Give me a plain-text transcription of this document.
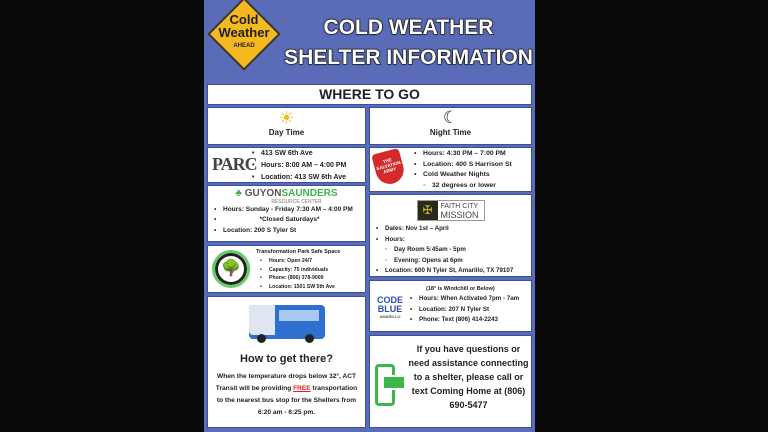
Cold
Weather
AHEAD
COLD WEATHER
SHELTER INFORMATION
WHERE TO GO
☀
Day Time
PARC
• 413 SW 6th Ave
• Hours: 8:00 AM – 4:00 PM
• Location: 413 SW 6th Ave
♣ GUYONSAUNDERS
RESOURCE CENTER
• Hours: Sunday - Friday 7:30 AM – 4:00 PM
• *Closed Saturdays*
• Location: 200 S Tyler St
🌳
Transformation Park Safe Space
• Hours: Open 24/7
• Capacity: 75 individuals
• Phone: (806) 378-9009
• Location: 1501 SW 5th Ave
How to get there?
When the temperature drops below 32°, ACT Transit will be providing FREE transportation to the nearest bus stop for the Shelters from 6:20 am - 6:25 pm.
☾
Night Time
THE SALVATION ARMY
• Hours: 4:30 PM – 7:00 PM
• Location: 400 S Harrison St
• Cold Weather Nights
◦ 32 degrees or lower
✠	FAITH CITY
MISSION
• Dates: Nov 1st – April
• Hours:
◦ Day Room 5:45am - 5pm
◦ Evening: Opens at 6pm
• Location: 600 N Tyler St, Amarillo, TX 79107
(18° is Windchill or Below)
CODE
BLUE
AMARILLO
• Hours: When Activated 7pm - 7am
• Location: 207 N Tyler St
• Phone: Text (806) 414-2243
If you have questions or need assistance connecting to a shelter, please call or text Coming Home at (806) 690-5477
